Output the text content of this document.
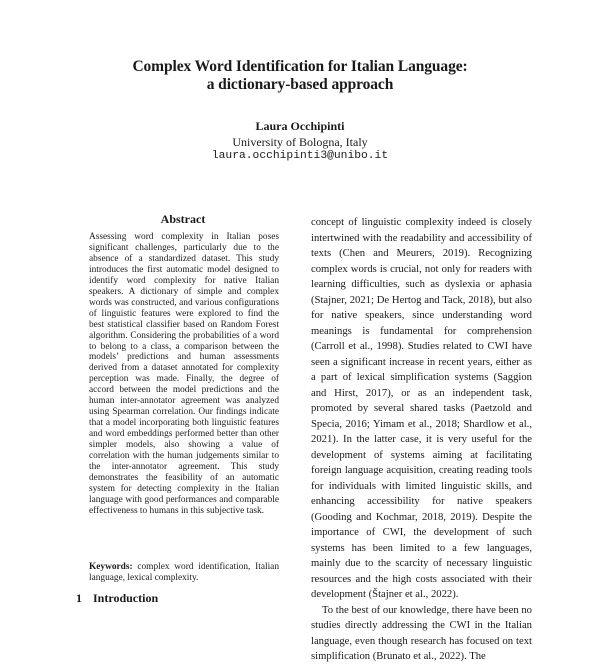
Complex Word Identification for Italian Language:
a dictionary-based approach
Laura Occhipinti
University of Bologna, Italy
laura.occhipinti3@unibo.it
Abstract

Assessing word complexity in Italian poses significant challenges, particularly due to the absence of a standardized dataset. This study introduces the first automatic model designed to identify word complexity for native Italian speakers. A dictionary of simple and complex words was constructed, and various configurations of linguistic features were explored to find the best statistical classifier based on Random Forest algorithm. Considering the probabilities of a word to belong to a class, a comparison between the models’ predictions and human assessments derived from a dataset annotated for complexity perception was made. Finally, the degree of accord between the model predictions and the human inter-annotator agreement was analyzed using Spearman correlation. Our findings indicate that a model incorporating both linguistic features and word embeddings performed better than other simpler models, also showing a value of correlation with the human judgements similar to the inter-annotator agreement. This study demonstrates the feasibility of an automatic system for detecting complexity in the Italian language with good performances and comparable effectiveness to humans in this subjective task.

Keywords: complex word identification, Italian language, lexical complexity.
1 Introduction

concept of linguistic complexity indeed is closely intertwined with the readability and accessibility of texts (Chen and Meurers, 2019). Recognizing complex words is crucial, not only for readers with learning difficulties, such as dyslexia or aphasia (Stajner, 2021; De Hertog and Tack, 2018), but also for native speakers, since understanding word meanings is fundamental for comprehension (Carroll et al., 1998). Studies related to CWI have seen a significant increase in recent years, either as a part of lexical simplification systems (Saggion and Hirst, 2017), or as an independent task, promoted by several shared tasks (Paetzold and Specia, 2016; Yimam et al., 2018; Shardlow et al., 2021). In the latter case, it is very useful for the development of systems aiming at facilitating foreign language acquisition, creating reading tools for individuals with limited linguistic skills, and enhancing accessibility for native speakers (Gooding and Kochmar, 2018, 2019). Despite the importance of CWI, the development of such systems has been limited to a few languages, mainly due to the scarcity of necessary linguistic resources and the high costs associated with their development (Štajner et al., 2022).

To the best of our knowledge, there have been no studies directly addressing the CWI in the Italian language, even though research has focused on text simplification (Brunato et al., 2022). The
